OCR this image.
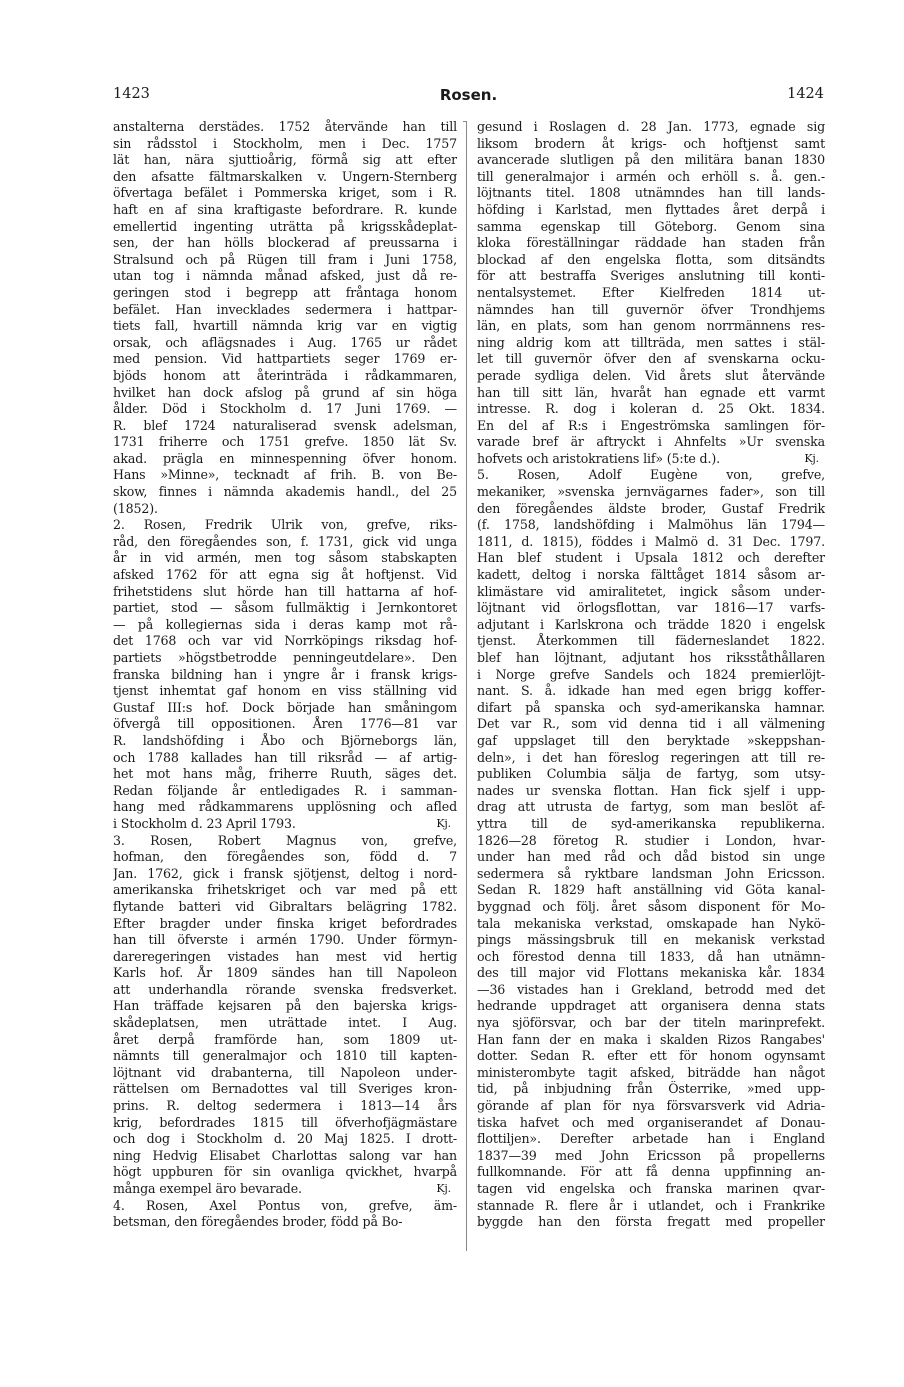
1423	Rosen.	1424
anstalterna derstädes. 1752 återvände han till
sin rådsstol i Stockholm, men i Dec. 1757
lät han, nära sjuttioårig, förmå sig att efter
den afsatte fältmarskalken v. Ungern-Sternberg
öfvertaga befälet i Pommerska kriget, som i R.
haft en af sina kraftigaste befordrare. R. kunde
emellertid ingenting uträtta på krigsskådeplat-
sen, der han hölls blockerad af preussarna i
Stralsund och på Rügen till fram i Juni 1758,
utan tog i nämnda månad afsked, just då re-
geringen stod i begrepp att fråntaga honom
befälet. Han invecklades sedermera i hattpar-
tiets fall, hvartill nämnda krig var en vigtig
orsak, och aflägsnades i Aug. 1765 ur rådet
med pension. Vid hattpartiets seger 1769 er-
bjöds honom att återinträda i rådkammaren,
hvilket han dock afslog på grund af sin höga
ålder. Död i Stockholm d. 17 Juni 1769. —
R. blef 1724 naturaliserad svensk adelsman,
1731 friherre och 1751 grefve. 1850 lät Sv.
akad. prägla en minnespenning öfver honom.
Hans »Minne», tecknadt af frih. B. von Be-
skow, finnes i nämnda akademis handl., del 25
(1852).
2. Rosen, Fredrik Ulrik von, grefve, riks-
råd, den föregåendes son, f. 1731, gick vid unga
år in vid armén, men tog såsom stabskapten
afsked 1762 för att egna sig åt hoftjenst. Vid
frihetstidens slut hörde han till hattarna af hof-
partiet, stod — såsom fullmäktig i Jernkontoret
— på kollegiernas sida i deras kamp mot rå-
det 1768 och var vid Norrköpings riksdag hof-
partiets »högstbetrodde penningeutdelare». Den
franska bildning han i yngre år i fransk krigs-
tjenst inhemtat gaf honom en viss ställning vid
Gustaf III:s hof. Dock började han småningom
öfvergå till oppositionen. Åren 1776—81 var
R. landshöfding i Åbo och Björneborgs län,
och 1788 kallades han till riksråd — af artig-
het mot hans måg, friherre Ruuth, säges det.
Redan följande år entledigades R. i samman-
hang med rådkammarens upplösning och afled
Kj.
i Stockholm d. 23 April 1793.
3. Rosen, Robert Magnus von, grefve,
hofman, den föregåendes son, född d. 7
Jan. 1762, gick i fransk sjötjenst, deltog i nord-
amerikanska frihetskriget och var med på ett
flytande batteri vid Gibraltars belägring 1782.
Efter bragder under finska kriget befordrades
han till öfverste i armén 1790. Under förmyn-
dareregeringen vistades han mest vid hertig
Karls hof. År 1809 sändes han till Napoleon
att underhandla rörande svenska fredsverket.
Han träffade kejsaren på den bajerska krigs-
skådeplatsen, men uträttade intet. I Aug.
året derpå framförde han, som 1809 ut-
nämnts till generalmajor och 1810 till kapten-
löjtnant vid drabanterna, till Napoleon under-
rättelsen om Bernadottes val till Sveriges kron-
prins. R. deltog sedermera i 1813—14 års
krig, befordrades 1815 till öfverhofjägmästare
och dog i Stockholm d. 20 Maj 1825. I drott-
ning Hedvig Elisabet Charlottas salong var han
högt uppburen för sin ovanliga qvickhet, hvarpå
Kj.
många exempel äro bevarade.
4. Rosen, Axel Pontus von, grefve, äm-
betsman, den föregåendes broder, född på Bo-
gesund i Roslagen d. 28 Jan. 1773, egnade sig
liksom brodern åt krigs- och hoftjenst samt
avancerade slutligen på den militära banan 1830
till generalmajor i armén och erhöll s. å. gen.-
löjtnants titel. 1808 utnämndes han till lands-
höfding i Karlstad, men flyttades året derpå i
samma egenskap till Göteborg. Genom sina
kloka föreställningar räddade han staden från
blockad af den engelska flotta, som ditsändts
för att bestraffa Sveriges anslutning till konti-
nentalsystemet. Efter Kielfreden 1814 ut-
nämndes han till guvernör öfver Trondhjems
län, en plats, som han genom norrmännens res-
ning aldrig kom att tillträda, men sattes i stäl-
let till guvernör öfver den af svenskarna ocku-
perade sydliga delen. Vid årets slut återvände
han till sitt län, hvaråt han egnade ett varmt
intresse. R. dog i koleran d. 25 Okt. 1834.
En del af R:s i Engeströmska samlingen för-
varade bref är aftryckt i Ahnfelts »Ur svenska
Kj.
hofvets och aristokratiens lif» (5:te d.).
5. Rosen, Adolf Eugène von, grefve,
mekaniker, »svenska jernvägarnes fader», son till
den föregåendes äldste broder, Gustaf Fredrik
(f. 1758, landshöfding i Malmöhus län 1794—
1811, d. 1815), föddes i Malmö d. 31 Dec. 1797.
Han blef student i Upsala 1812 och derefter
kadett, deltog i norska fälttåget 1814 såsom ar-
klimästare vid amiralitetet, ingick såsom under-
löjtnant vid örlogsflottan, var 1816—17 varfs-
adjutant i Karlskrona och trädde 1820 i engelsk
tjenst. Återkommen till fäderneslandet 1822.
blef han löjtnant, adjutant hos riksståthållaren
i Norge grefve Sandels och 1824 premierlöjt-
nant. S. å. idkade han med egen brigg koffer-
difart på spanska och syd-amerikanska hamnar.
Det var R., som vid denna tid i all välmening
gaf uppslaget till den beryktade »skeppshan-
deln», i det han föreslog regeringen att till re-
publiken Columbia sälja de fartyg, som utsy-
nades ur svenska flottan. Han fick sjelf i upp-
drag att utrusta de fartyg, som man beslöt af-
yttra till de syd-amerikanska republikerna.
1826—28 företog R. studier i London, hvar-
under han med råd och dåd bistod sin unge
sedermera så ryktbare landsman John Ericsson.
Sedan R. 1829 haft anställning vid Göta kanal-
byggnad och följ. året såsom disponent för Mo-
tala mekaniska verkstad, omskapade han Nykö-
pings mässingsbruk till en mekanisk verkstad
och förestod denna till 1833, då han utnämn-
des till major vid Flottans mekaniska kår. 1834
—36 vistades han i Grekland, betrodd med det
hedrande uppdraget att organisera denna stats
nya sjöförsvar, och bar der titeln marinprefekt.
Han fann der en maka i skalden Rizos Rangabes'
dotter. Sedan R. efter ett för honom ogynsamt
ministerombyte tagit afsked, biträdde han något
tid, på inbjudning från Österrike, »med upp-
görande af plan för nya försvarsverk vid Adria-
tiska hafvet och med organiserandet af Donau-
flottiljen». Derefter arbetade han i England
1837—39 med John Ericsson på propellerns
fullkomnande. För att få denna uppfinning an-
tagen vid engelska och franska marinen qvar-
stannade R. flere år i utlandet, och i Frankrike
byggde han den första fregatt med propeller
